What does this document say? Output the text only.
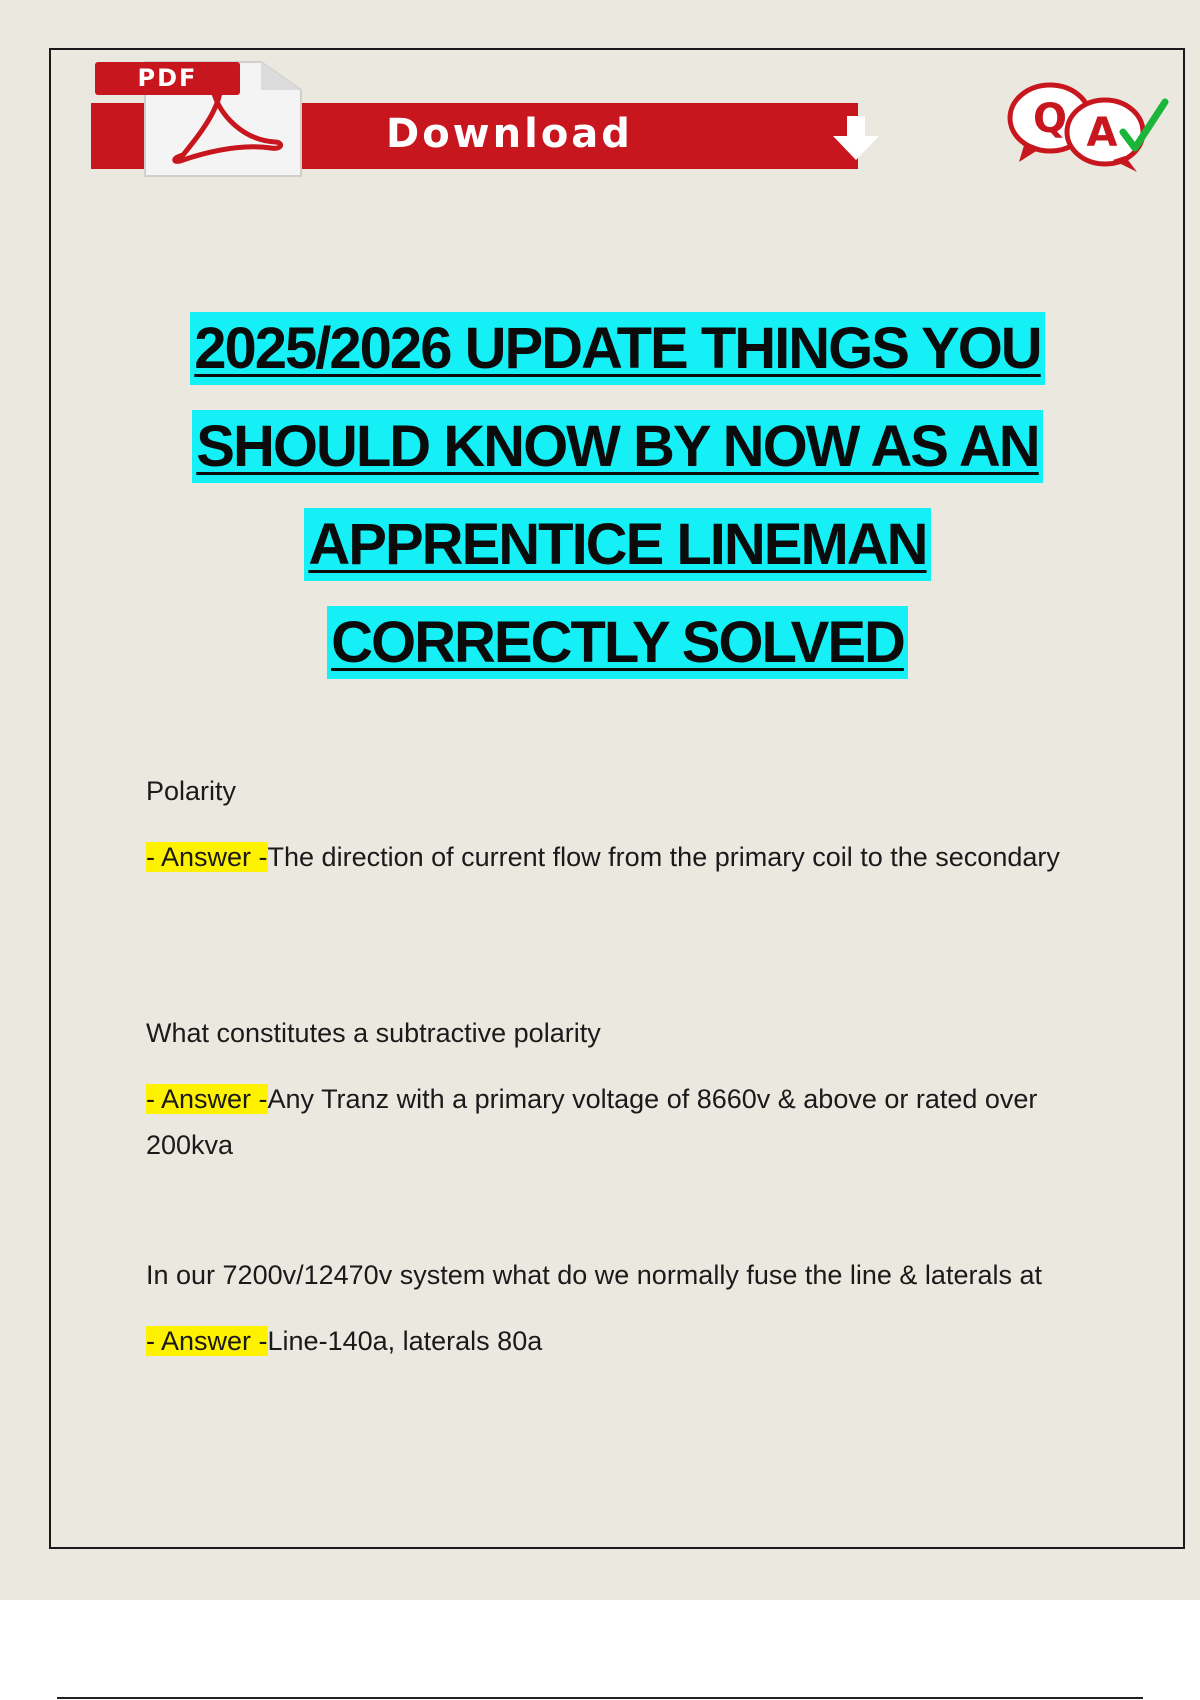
Download
PDF
Q A
2025/2026 UPDATE THINGS YOU
SHOULD KNOW BY NOW AS AN
APPRENTICE LINEMAN
CORRECTLY SOLVED
Polarity
- Answer -The direction of current flow from the primary coil to the secondary
What constitutes a subtractive polarity
- Answer -Any Tranz with a primary voltage of 8660v & above or rated over 200kva
In our 7200v/12470v system what do we normally fuse the line & laterals at
- Answer -Line-140a, laterals 80a
